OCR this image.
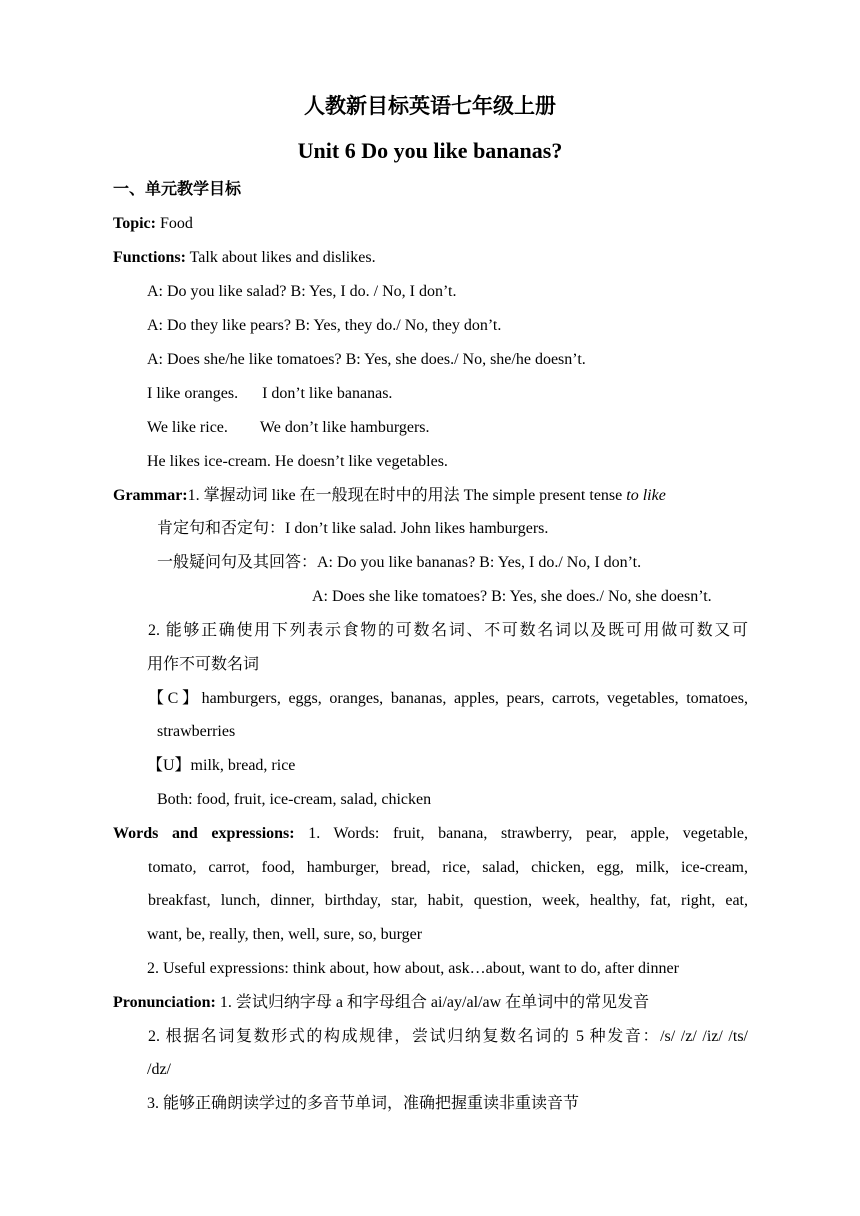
人教新目标英语七年级上册
Unit 6 Do you like bananas?
一、单元教学目标
Topic: Food
Functions: Talk about likes and dislikes.
A: Do you like salad? B: Yes, I do. / No, I don’t.
A: Do they like pears? B: Yes, they do./ No, they don’t.
A: Does she/he like tomatoes? B: Yes, she does./ No, she/he doesn’t.
I like oranges. I don’t like bananas.
We like rice. We don’t like hamburgers.
He likes ice-cream. He doesn’t like vegetables.
Grammar:1. 掌握动词 like 在一般现在时中的用法 The simple present tense to like
肯定句和否定句：I don’t like salad. John likes hamburgers.
一般疑问句及其回答：A: Do you like bananas? B: Yes, I do./ No, I don’t.
A: Does she like tomatoes? B: Yes, she does./ No, she doesn’t.
2. 能够正确使用下列表示食物的可数名词、不可数名词以及既可用做可数又可
用作不可数名词
【C】hamburgers, eggs, oranges, bananas, apples, pears, carrots, vegetables, tomatoes,
strawberries
【U】milk, bread, rice
Both: food, fruit, ice-cream, salad, chicken
Words and expressions: 1. Words: fruit, banana, strawberry, pear, apple, vegetable,
tomato, carrot, food, hamburger, bread, rice, salad, chicken, egg, milk, ice-cream,
breakfast, lunch, dinner, birthday, star, habit, question, week, healthy, fat, right, eat,
want, be, really, then, well, sure, so, burger
2. Useful expressions: think about, how about, ask…about, want to do, after dinner
Pronunciation: 1. 尝试归纳字母 a 和字母组合 ai/ay/al/aw 在单词中的常见发音
2. 根据名词复数形式的构成规律，尝试归纳复数名词的 5 种发音：/s/ /z/ /iz/ /ts/
/dz/
3. 能够正确朗读学过的多音节单词，准确把握重读非重读音节
